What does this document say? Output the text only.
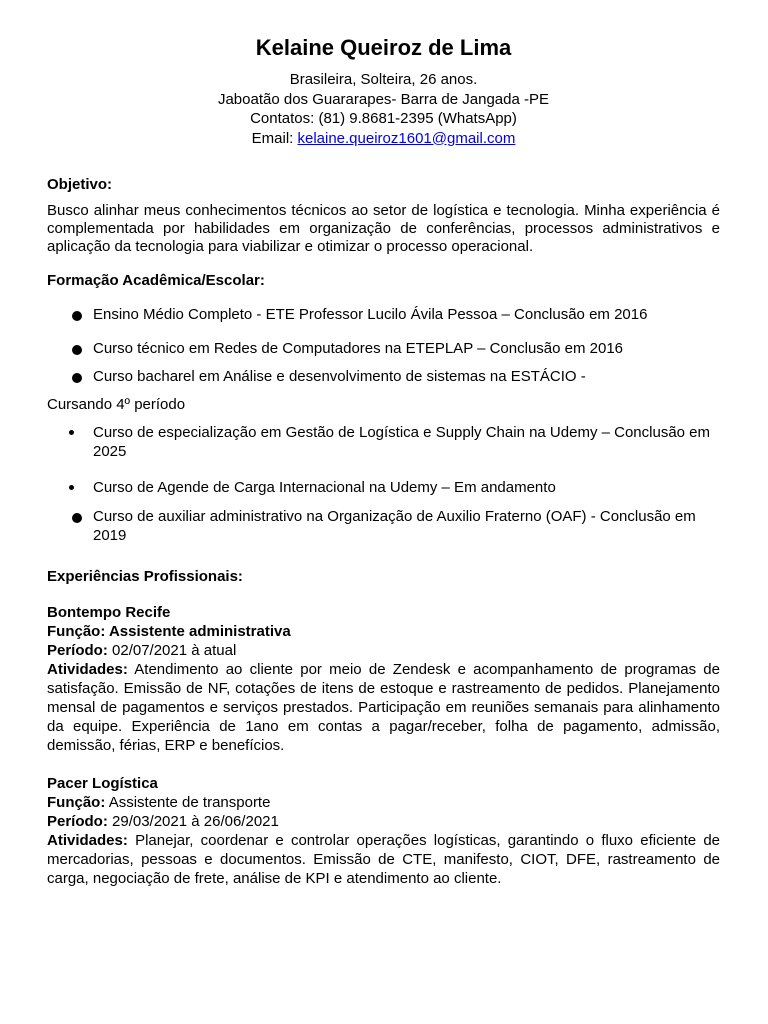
Kelaine Queiroz de Lima
Brasileira, Solteira, 26 anos.
Jaboatão dos Guararapes- Barra de Jangada -PE
Contatos: (81) 9.8681-2395 (WhatsApp)
Email: kelaine.queiroz1601@gmail.com
Objetivo:
Busco alinhar meus conhecimentos técnicos ao setor de logística e tecnologia. Minha experiência é complementada por habilidades em organização de conferências, processos administrativos e aplicação da tecnologia para viabilizar e otimizar o processo operacional.
Formação Acadêmica/Escolar:
Ensino Médio Completo - ETE Professor Lucilo Ávila Pessoa – Conclusão em 2016
Curso técnico em Redes de Computadores na ETEPLAP – Conclusão em 2016
Curso bacharel em Análise e desenvolvimento de sistemas na ESTÁCIO -
Cursando 4º período
Curso de especialização em Gestão de Logística e Supply Chain na Udemy – Conclusão em 2025
Curso de Agende de Carga Internacional na Udemy – Em andamento
Curso de auxiliar administrativo na Organização de Auxilio Fraterno (OAF) - Conclusão em 2019
Experiências Profissionais:
Bontempo Recife
Função: Assistente administrativa
Período: 02/07/2021 à atual
Atividades: Atendimento ao cliente por meio de Zendesk e acompanhamento de programas de satisfação. Emissão de NF, cotações de itens de estoque e rastreamento de pedidos. Planejamento mensal de pagamentos e serviços prestados. Participação em reuniões semanais para alinhamento da equipe. Experiência de 1ano em contas a pagar/receber, folha de pagamento, admissão, demissão, férias, ERP e benefícios.
Pacer Logística
Função: Assistente de transporte
Período: 29/03/2021 à 26/06/2021
Atividades: Planejar, coordenar e controlar operações logísticas, garantindo o fluxo eficiente de mercadorias, pessoas e documentos. Emissão de CTE, manifesto, CIOT, DFE, rastreamento de carga, negociação de frete, análise de KPI e atendimento ao cliente.
